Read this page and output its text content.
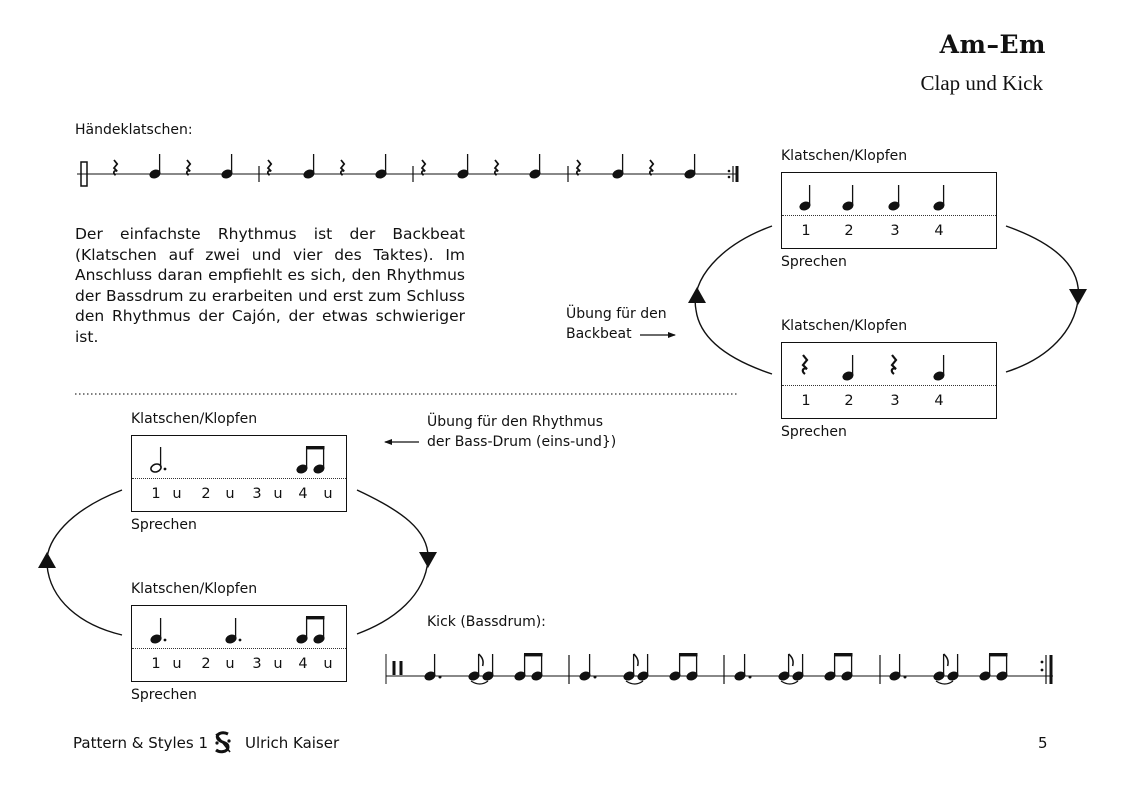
Am–Em
Clap und Kick
Händeklatschen:
Der einfachste Rhythmus ist der Backbeat (Klatschen auf zwei und vier des Taktes). Im Anschluss daran empfiehlt es sich, den Rhythmus der Bassdrum zu erarbeiten und erst zum Schluss den Rhythmus der Cajón, der etwas schwieriger ist.
Übung für den
Backbeat
Klatschen/Klopfen
1	2	3	4
Sprechen
Klatschen/Klopfen
1	2	3	4
Sprechen
Übung für den Rhythmus
der Bass-Drum (eins-und})
Klatschen/Klopfen
1 u	2	u	3 u	4	u
Sprechen
Klatschen/Klopfen
1 u	2	u	3 u	4	u
Sprechen
Kick (Bassdrum):
Pattern & Styles 1 Ulrich Kaiser	5
